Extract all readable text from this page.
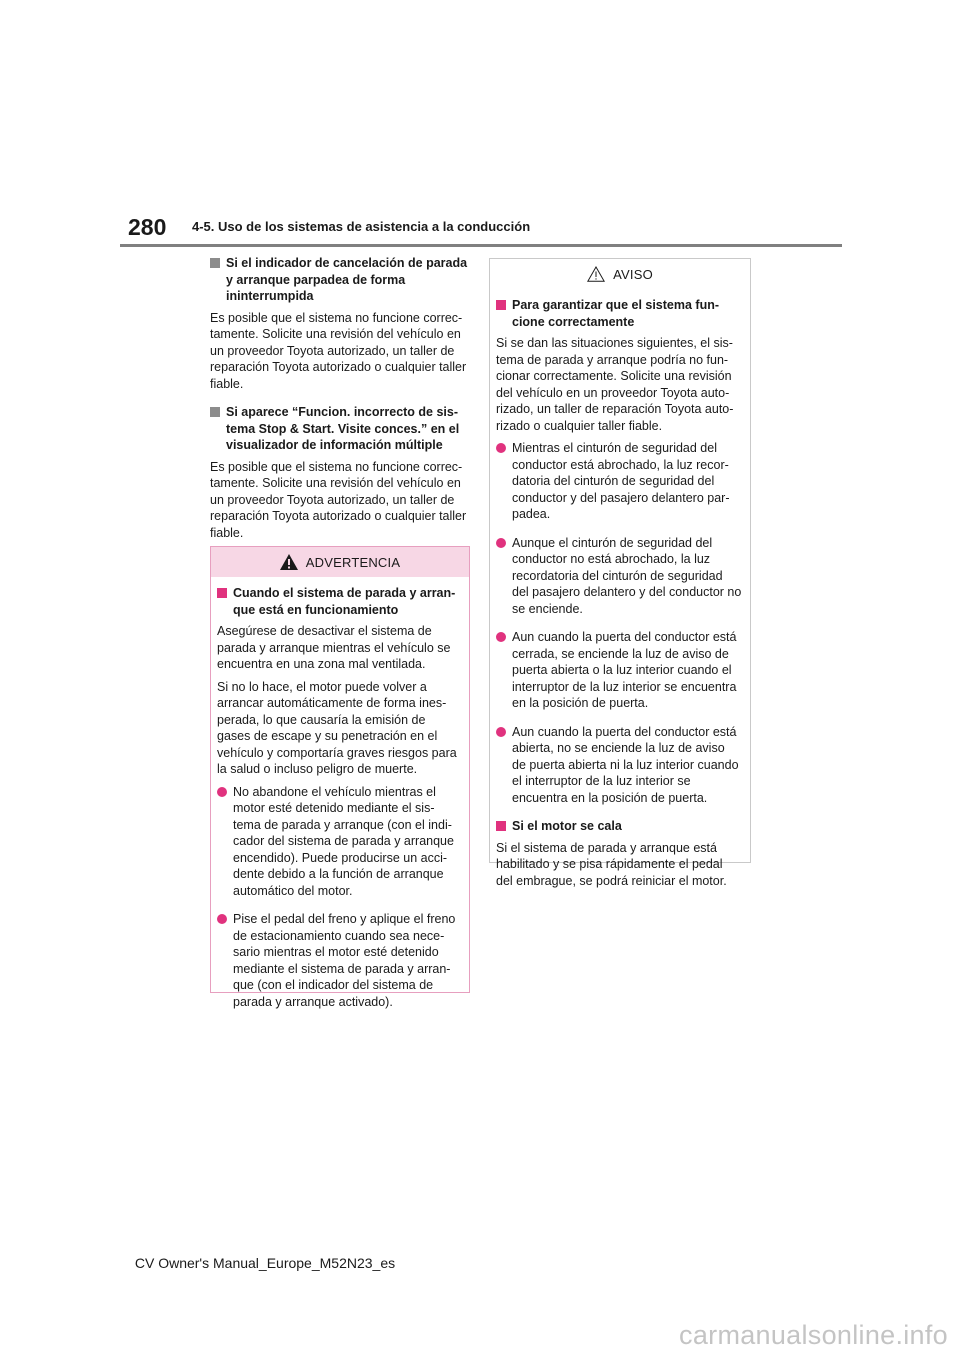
280 4-5. Uso de los sistemas de asistencia a la conducción
Si el indicador de cancelación de parada y arranque parpadea de forma ininterrumpida

Es posible que el sistema no funcione correc-tamente. Solicite una revisión del vehículo en un proveedor Toyota autorizado, un taller de reparación Toyota autorizado o cualquier taller fiable.

Si aparece “Funcion. incorrecto de sis-tema Stop & Start. Visite conces.” en el visualizador de información múltiple

Es posible que el sistema no funcione correc-tamente. Solicite una revisión del vehículo en un proveedor Toyota autorizado, un taller de reparación Toyota autorizado o cualquier taller fiable.

ADVERTENCIA
Cuando el sistema de parada y arran-que está en funcionamiento

Asegúrese de desactivar el sistema de parada y arranque mientras el vehículo se encuentra en una zona mal ventilada.

Si no lo hace, el motor puede volver a arrancar automáticamente de forma ines-perada, lo que causaría la emisión de gases de escape y su penetración en el vehículo y comportaría graves riesgos para la salud o incluso peligro de muerte.

No abandone el vehículo mientras el motor esté detenido mediante el sis-tema de parada y arranque (con el indi-cador del sistema de parada y arranque encendido). Puede producirse un acci-dente debido a la función de arranque automático del motor.
Pise el pedal del freno y aplique el freno de estacionamiento cuando sea nece-sario mientras el motor esté detenido mediante el sistema de parada y arran-que (con el indicador del sistema de parada y arranque activado).
AVISO
Para garantizar que el sistema fun-cione correctamente

Si se dan las situaciones siguientes, el sis-tema de parada y arranque podría no fun-cionar correctamente. Solicite una revisión del vehículo en un proveedor Toyota auto-rizado, un taller de reparación Toyota auto-rizado o cualquier taller fiable.

Mientras el cinturón de seguridad del conductor está abrochado, la luz recor-datoria del cinturón de seguridad del conductor y del pasajero delantero par-padea.
Aunque el cinturón de seguridad del conductor no está abrochado, la luz recordatoria del cinturón de seguridad del pasajero delantero y del conductor no se enciende.
Aun cuando la puerta del conductor está cerrada, se enciende la luz de aviso de puerta abierta o la luz interior cuando el interruptor de la luz interior se encuentra en la posición de puerta.
Aun cuando la puerta del conductor está abierta, no se enciende la luz de aviso de puerta abierta ni la luz interior cuando el interruptor de la luz interior se encuentra en la posición de puerta.
Si el motor se cala

Si el sistema de parada y arranque está habilitado y se pisa rápidamente el pedal del embrague, se podrá reiniciar el motor.

CV Owner's Manual_Europe_M52N23_es
carmanualsonline.info
